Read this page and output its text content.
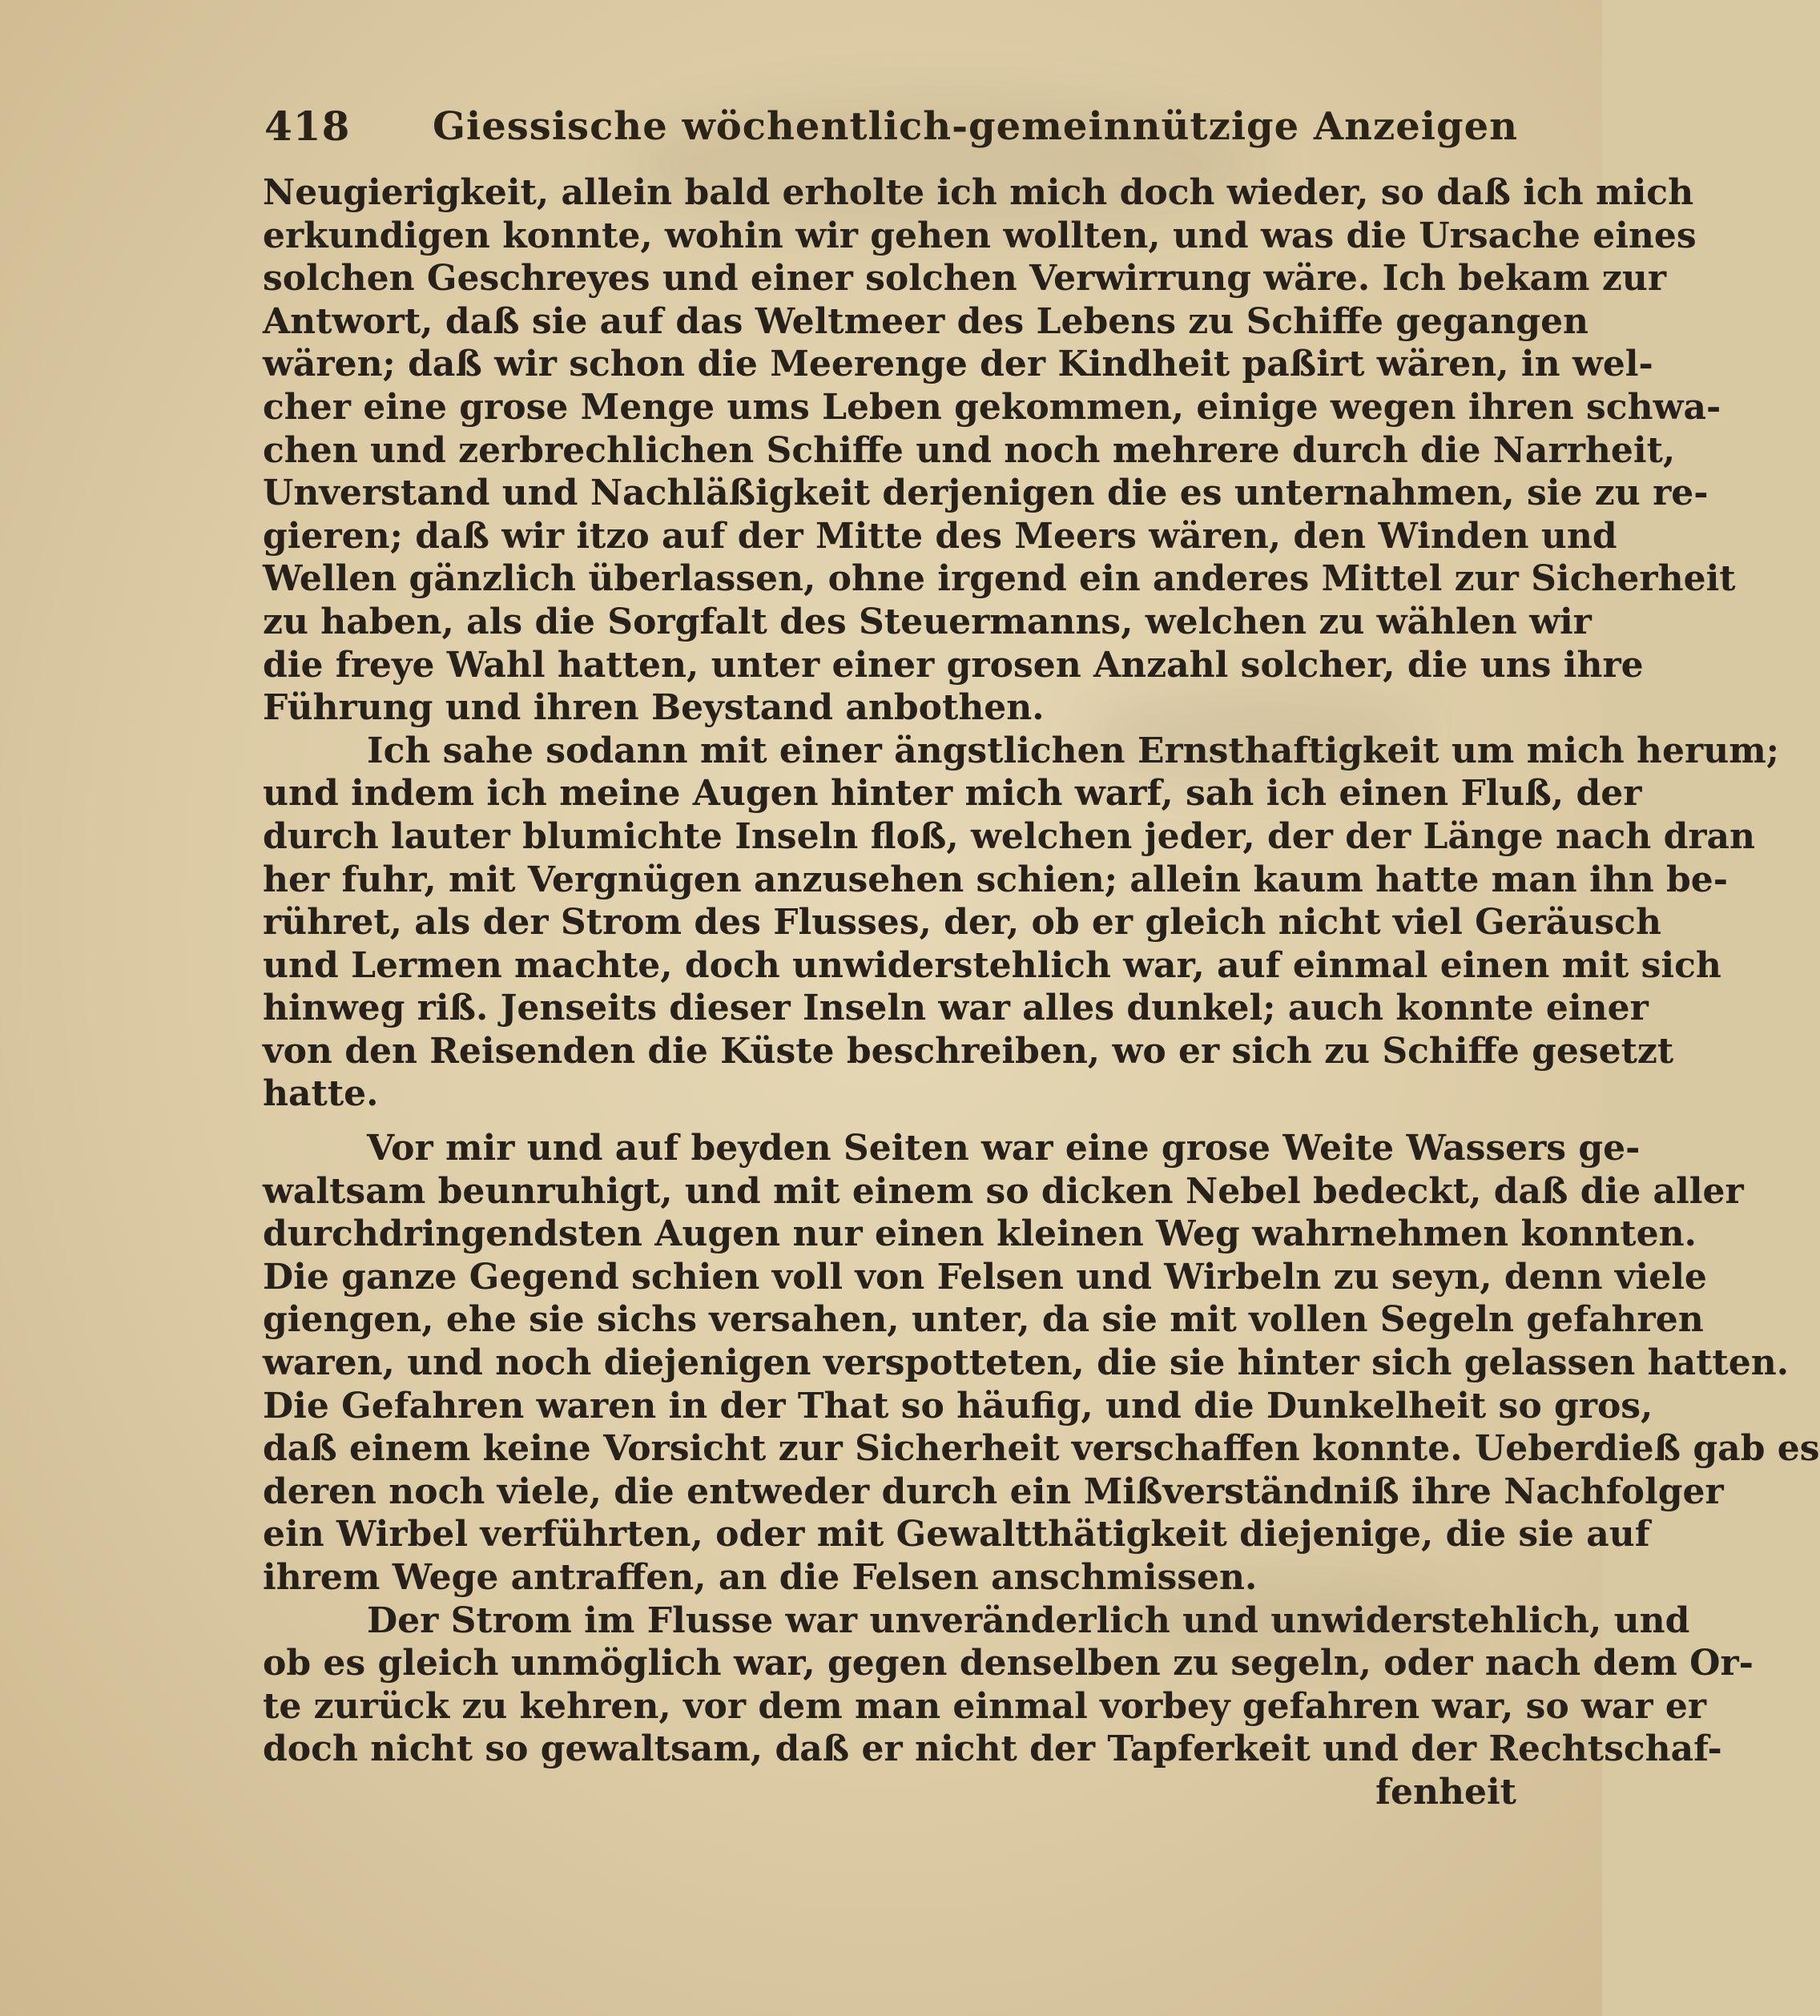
418 Giessische wöchentlich-gemeinnützige Anzeigen
Neugierigkeit, allein bald erholte ich mich doch wieder, so daß ich mich
erkundigen konnte, wohin wir gehen wollten, und was die Ursache eines
solchen Geschreyes und einer solchen Verwirrung wäre. Ich bekam zur
Antwort, daß sie auf das Weltmeer des Lebens zu Schiffe gegangen
wären; daß wir schon die Meerenge der Kindheit paßirt wären, in wel-
cher eine grose Menge ums Leben gekommen, einige wegen ihren schwa-
chen und zerbrechlichen Schiffe und noch mehrere durch die Narrheit,
Unverstand und Nachläßigkeit derjenigen die es unternahmen, sie zu re-
gieren; daß wir itzo auf der Mitte des Meers wären, den Winden und
Wellen gänzlich überlassen, ohne irgend ein anderes Mittel zur Sicherheit
zu haben, als die Sorgfalt des Steuermanns, welchen zu wählen wir
die freye Wahl hatten, unter einer grosen Anzahl solcher, die uns ihre
Führung und ihren Beystand anbothen.
Ich sahe sodann mit einer ängstlichen Ernsthaftigkeit um mich herum;
und indem ich meine Augen hinter mich warf, sah ich einen Fluß, der
durch lauter blumichte Inseln floß, welchen jeder, der der Länge nach dran
her fuhr, mit Vergnügen anzusehen schien; allein kaum hatte man ihn be-
rühret, als der Strom des Flusses, der, ob er gleich nicht viel Geräusch
und Lermen machte, doch unwiderstehlich war, auf einmal einen mit sich
hinweg riß. Jenseits dieser Inseln war alles dunkel; auch konnte einer
von den Reisenden die Küste beschreiben, wo er sich zu Schiffe gesetzt
hatte.
Vor mir und auf beyden Seiten war eine grose Weite Wassers ge-
waltsam beunruhigt, und mit einem so dicken Nebel bedeckt, daß die aller
durchdringendsten Augen nur einen kleinen Weg wahrnehmen konnten.
Die ganze Gegend schien voll von Felsen und Wirbeln zu seyn, denn viele
giengen, ehe sie sichs versahen, unter, da sie mit vollen Segeln gefahren
waren, und noch diejenigen verspotteten, die sie hinter sich gelassen hatten.
Die Gefahren waren in der That so häufig, und die Dunkelheit so gros,
daß einem keine Vorsicht zur Sicherheit verschaffen konnte. Ueberdieß gab es
deren noch viele, die entweder durch ein Mißverständniß ihre Nachfolger
ein Wirbel verführten, oder mit Gewaltthätigkeit diejenige, die sie auf
ihrem Wege antraffen, an die Felsen anschmissen.
Der Strom im Flusse war unveränderlich und unwiderstehlich, und
ob es gleich unmöglich war, gegen denselben zu segeln, oder nach dem Or-
te zurück zu kehren, vor dem man einmal vorbey gefahren war, so war er
doch nicht so gewaltsam, daß er nicht der Tapferkeit und der Rechtschaf-
fenheit
